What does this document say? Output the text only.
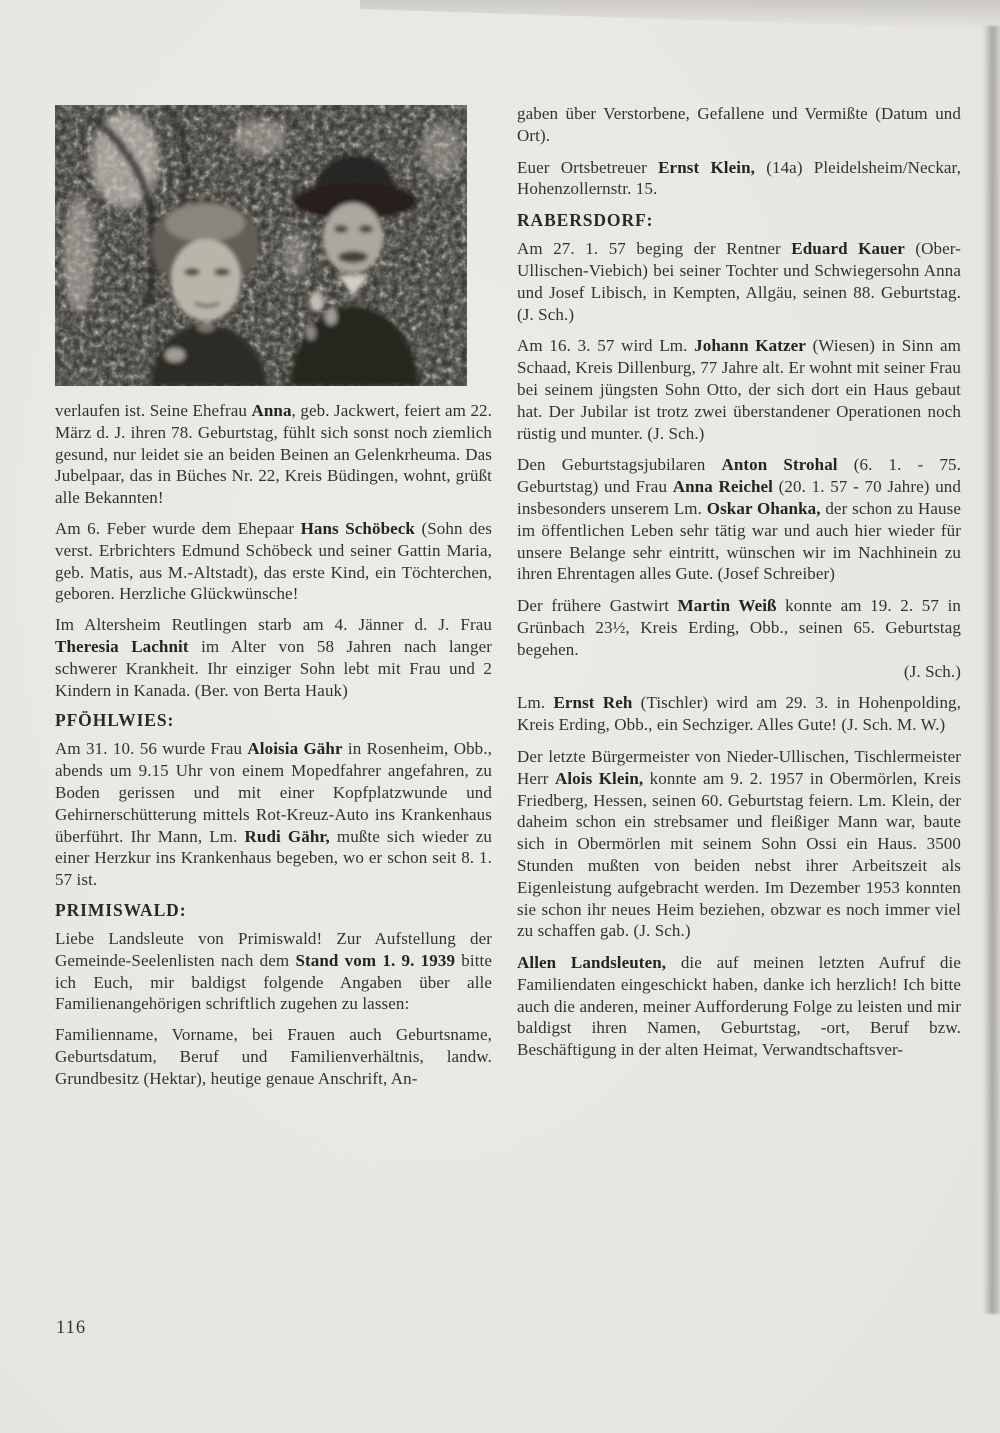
verlaufen ist. Seine Ehefrau Anna, geb. Jackwert, feiert am 22. März d. J. ihren 78. Geburtstag, fühlt sich sonst noch ziemlich gesund, nur leidet sie an beiden Beinen an Gelenkrheuma. Das Jubelpaar, das in Büches Nr. 22, Kreis Büdingen, wohnt, grüßt alle Bekannten!

Am 6. Feber wurde dem Ehepaar Hans Schöbeck (Sohn des verst. Erbrichters Edmund Schöbeck und seiner Gattin Maria, geb. Matis, aus M.-Altstadt), das erste Kind, ein Töchterchen, geboren. Herzliche Glückwünsche!

Im Altersheim Reutlingen starb am 4. Jänner d. J. Frau Theresia Lachnit im Alter von 58 Jahren nach langer schwerer Krankheit. Ihr einziger Sohn lebt mit Frau und 2 Kindern in Kanada. (Ber. von Berta Hauk)

PFÖHLWIES:

Am 31. 10. 56 wurde Frau Aloisia Gähr in Rosenheim, Obb., abends um 9.15 Uhr von einem Mopedfahrer angefahren, zu Boden gerissen und mit einer Kopfplatzwunde und Gehirnerschütterung mittels Rot-Kreuz-Auto ins Krankenhaus überführt. Ihr Mann, Lm. Rudi Gähr, mußte sich wieder zu einer Herzkur ins Krankenhaus begeben, wo er schon seit 8. 1. 57 ist.

PRIMISWALD:

Liebe Landsleute von Primiswald! Zur Aufstellung der Gemeinde-Seelenlisten nach dem Stand vom 1. 9. 1939 bitte ich Euch, mir baldigst folgende Angaben über alle Familienangehörigen schriftlich zugehen zu lassen:

Familienname, Vorname, bei Frauen auch Geburtsname, Geburtsdatum, Beruf und Familienverhältnis, landw. Grundbesitz (Hektar), heutige genaue Anschrift, An-

gaben über Verstorbene, Gefallene und Vermißte (Datum und Ort).

Euer Ortsbetreuer Ernst Klein, (14a) Pleidelsheim/Neckar, Hohenzollernstr. 15.

RABERSDORF:

Am 27. 1. 57 beging der Rentner Eduard Kauer (Ober-Ullischen-Viebich) bei seiner Tochter und Schwiegersohn Anna und Josef Libisch, in Kempten, Allgäu, seinen 88. Geburtstag. (J. Sch.)

Am 16. 3. 57 wird Lm. Johann Katzer (Wiesen) in Sinn am Schaad, Kreis Dillenburg, 77 Jahre alt. Er wohnt mit seiner Frau bei seinem jüngsten Sohn Otto, der sich dort ein Haus gebaut hat. Der Jubilar ist trotz zwei überstandener Operationen noch rüstig und munter. (J. Sch.)

Den Geburtstagsjubilaren Anton Strohal (6. 1. - 75. Geburtstag) und Frau Anna Reichel (20. 1. 57 - 70 Jahre) und insbesonders unserem Lm. Oskar Ohanka, der schon zu Hause im öffentlichen Leben sehr tätig war und auch hier wieder für unsere Belange sehr eintritt, wünschen wir im Nachhinein zu ihren Ehrentagen alles Gute. (Josef Schreiber)

Der frühere Gastwirt Martin Weiß konnte am 19. 2. 57 in Grünbach 23½, Kreis Erding, Obb., seinen 65. Geburtstag begehen.
(J. Sch.)

Lm. Ernst Reh (Tischler) wird am 29. 3. in Hohenpolding, Kreis Erding, Obb., ein Sechziger. Alles Gute! (J. Sch. M. W.)

Der letzte Bürgermeister von Nieder-Ullischen, Tischlermeister Herr Alois Klein, konnte am 9. 2. 1957 in Obermörlen, Kreis Friedberg, Hessen, seinen 60. Geburtstag feiern. Lm. Klein, der daheim schon ein strebsamer und fleißiger Mann war, baute sich in Obermörlen mit seinem Sohn Ossi ein Haus. 3500 Stunden mußten von beiden nebst ihrer Arbeitszeit als Eigenleistung aufgebracht werden. Im Dezember 1953 konnten sie schon ihr neues Heim beziehen, obzwar es noch immer viel zu schaffen gab. (J. Sch.)

Allen Landsleuten, die auf meinen letzten Aufruf die Familiendaten eingeschickt haben, danke ich herzlich! Ich bitte auch die anderen, meiner Aufforderung Folge zu leisten und mir baldigst ihren Namen, Geburtstag, -ort, Beruf bzw. Beschäftigung in der alten Heimat, Verwandtschaftsver-

116
